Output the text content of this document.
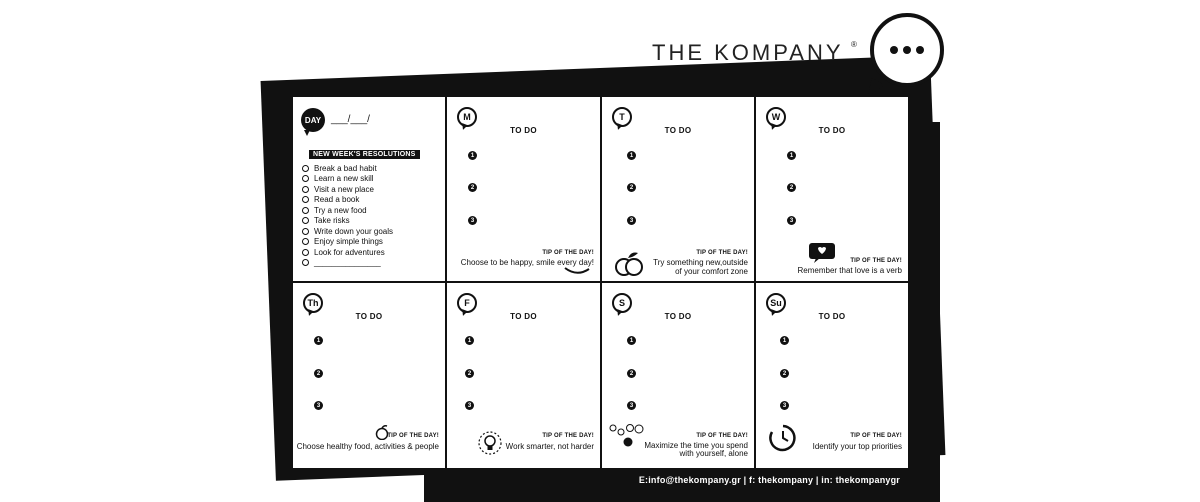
THE KOMPANY ®
DAY ___/___/
NEW WEEK'S RESOLUTIONS
Break a bad habit
Learn a new skill
Visit a new place
Read a book
Try a new food
Take risks
Write down your goals
Enjoy simple things
Look for adventures
_______________
M
TO DO
1
2
3
TIP OF THE DAY!
Choose to be happy, smile every day!
T
TO DO
1
2
3
TIP OF THE DAY!
Try something new,outside
of your comfort zone
W
TO DO
1
2
3
TIP OF THE DAY!
Remember that love is a verb
Th
TO DO
1
2
3
TIP OF THE DAY!
Choose healthy food, activities & people
F
TO DO
1
2
3
TIP OF THE DAY!
Work smarter, not harder
S
TO DO
1
2
3
TIP OF THE DAY!
Maximize the time you spend
with yourself, alone
Su
TO DO
1
2
3
TIP OF THE DAY!
Identify your top priorities
E:info@thekompany.gr | f: thekompany | in: thekompanygr
